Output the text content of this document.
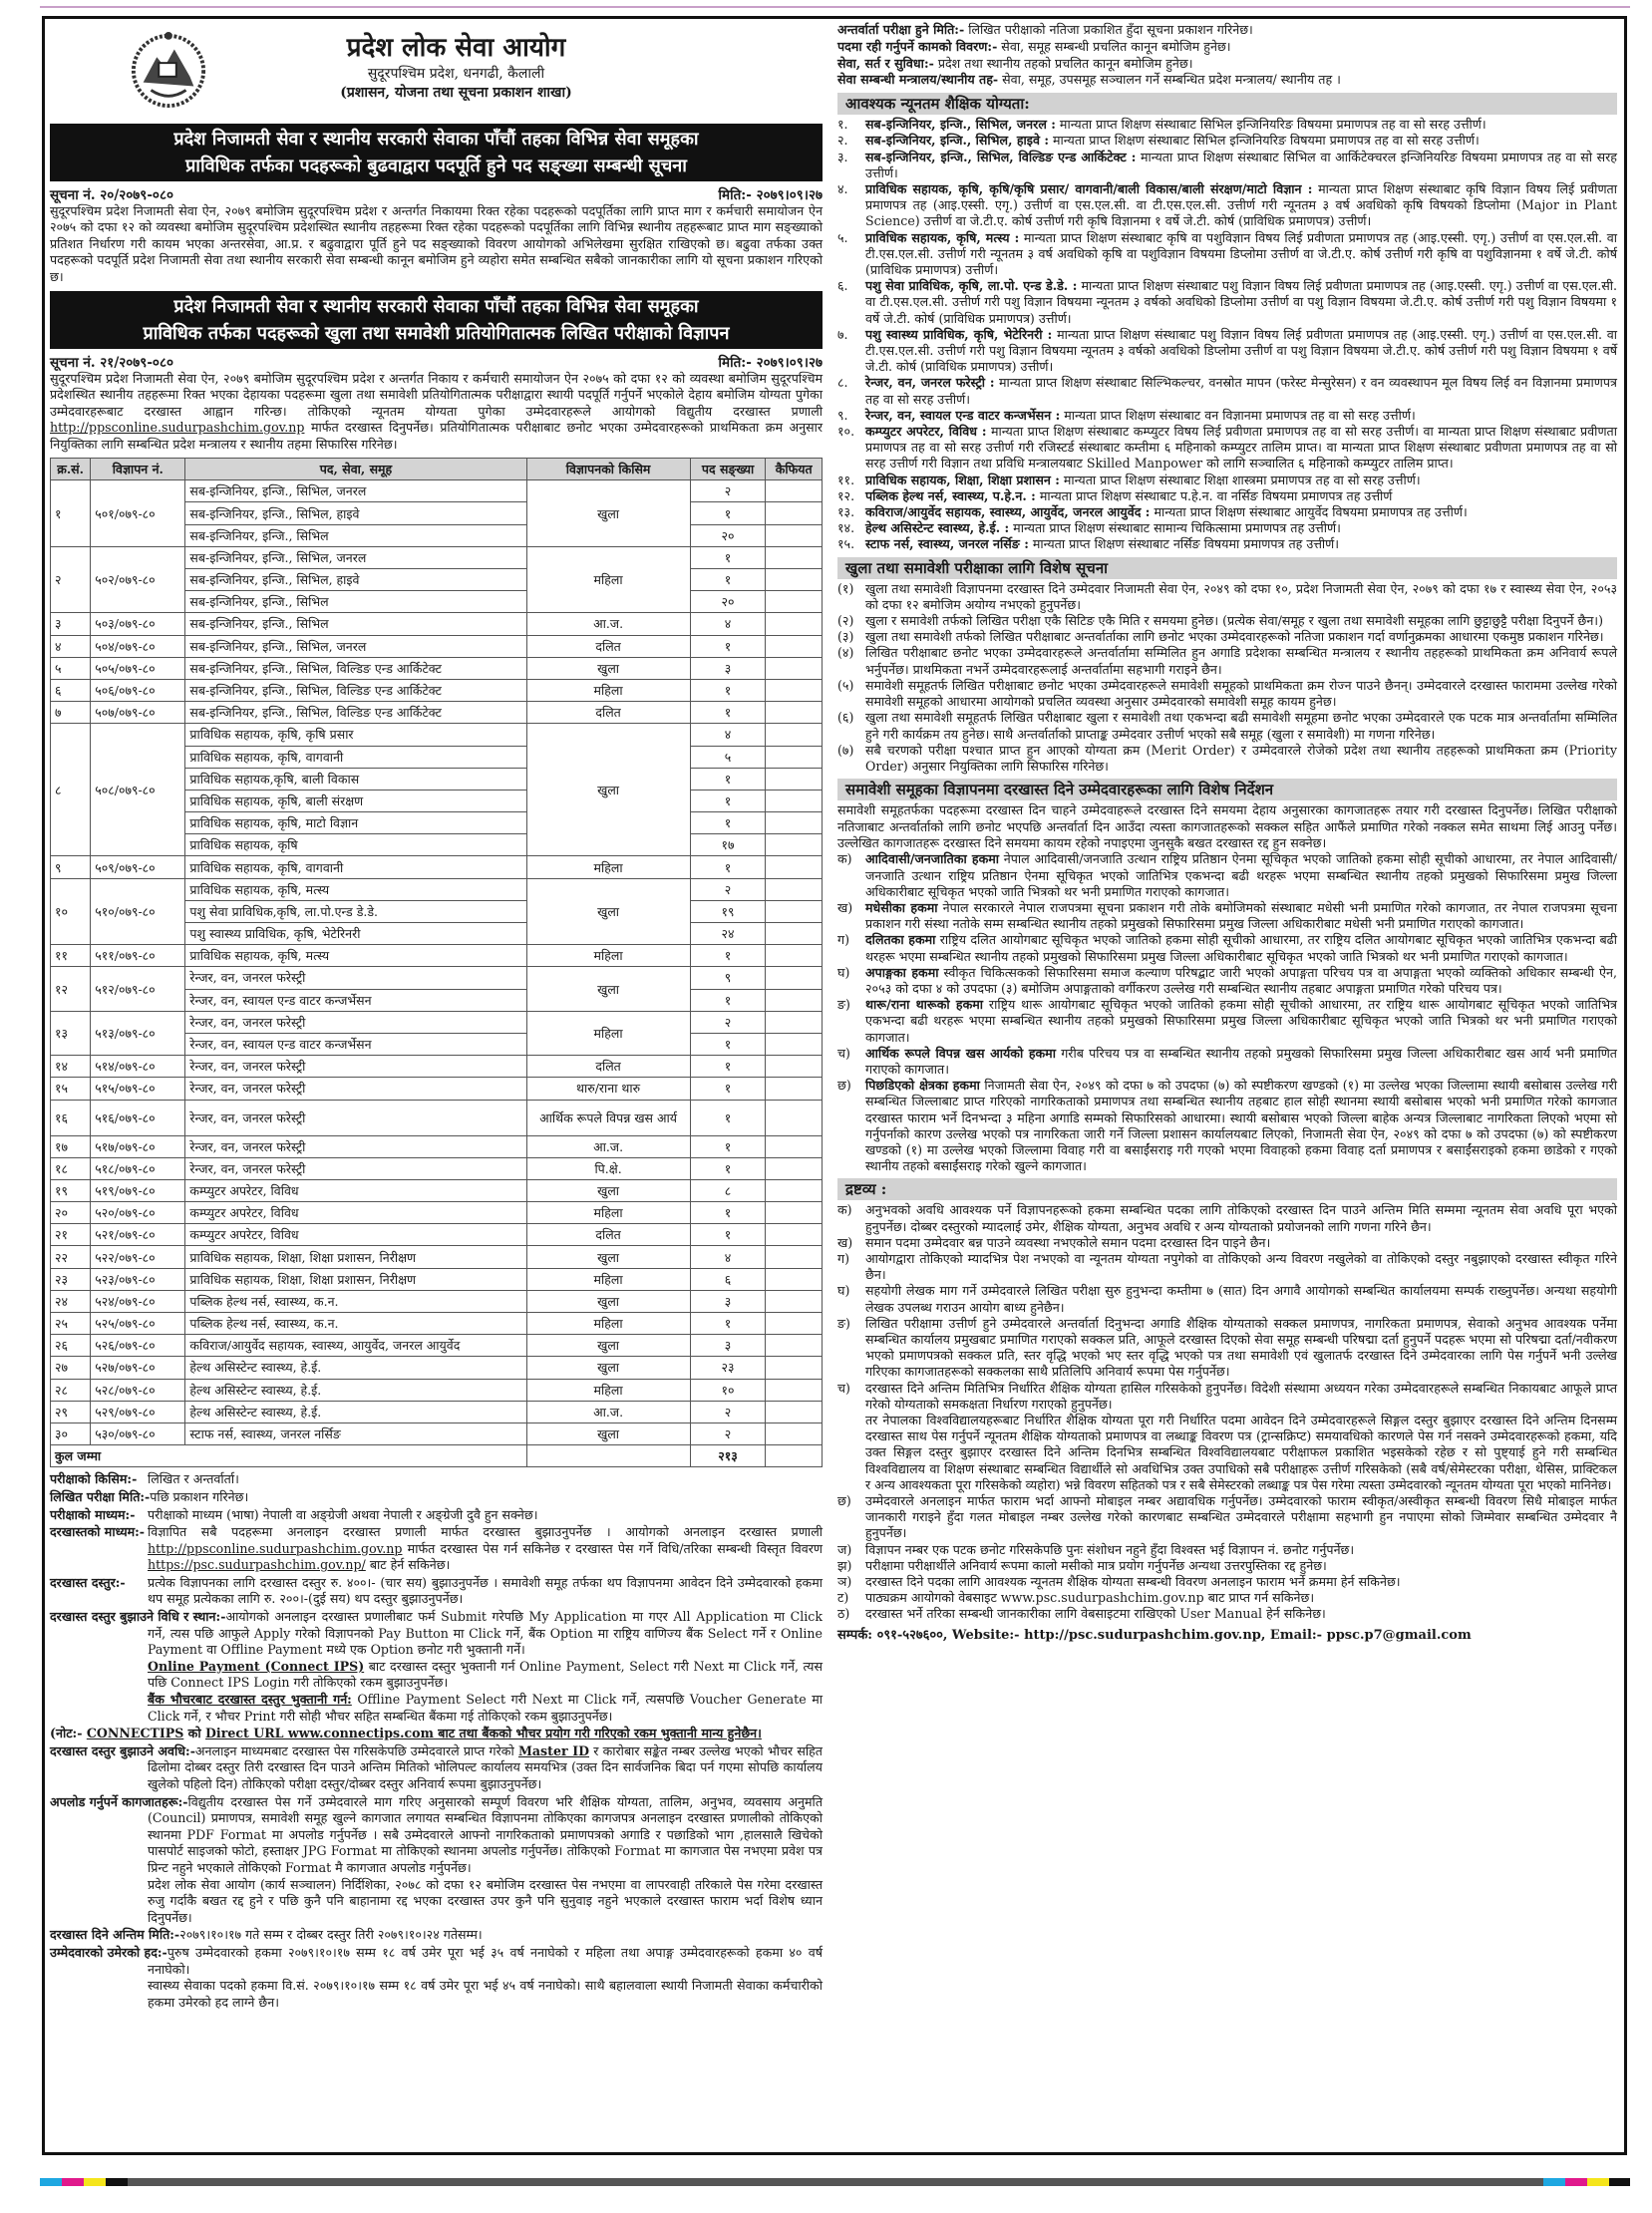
प्रदेश लोक सेवा आयोग
सुदूरपश्चिम प्रदेश, धनगढी, कैलाली
(प्रशासन, योजना तथा सूचना प्रकाशन शाखा)
प्रदेश निजामती सेवा र स्थानीय सरकारी सेवाका पाँचौं तहका विभिन्न सेवा समूहका
प्राविधिक तर्फका पदहरूको बुढवाद्वारा पदपूर्ति हुने पद सङ्ख्या सम्बन्धी सूचना
सूचना नं. २०/२०७९-०८०	मिति:- २०७९।०९।२७
सुदूरपश्चिम प्रदेश निजामती सेवा ऐन, २०७९ बमोजिम सुदूरपश्चिम प्रदेश र अन्तर्गत निकायमा रिक्त रहेका पदहरूको पदपूर्तिका लागि प्राप्त माग र कर्मचारी समायोजन ऐन २०७५ को दफा १२ को व्यवस्था बमोजिम सुदूरपश्चिम प्रदेशस्थित स्थानीय तहहरूमा रिक्त रहेका पदहरूको पदपूर्तिका लागि विभिन्न स्थानीय तहहरूबाट प्राप्त माग सङ्ख्याको प्रतिशत निर्धारण गरी कायम भएका अन्तरसेवा, आ.प्र. र बढुवाद्वारा पूर्ति हुने पद सङ्ख्याको विवरण आयोगको अभिलेखमा सुरक्षित राखिएको छ। बढुवा तर्फका उक्त पदहरूको पदपूर्ति प्रदेश निजामती सेवा तथा स्थानीय सरकारी सेवा सम्बन्धी कानून बमोजिम हुने व्यहोरा समेत सम्बन्धित सबैको जानकारीका लागि यो सूचना प्रकाशन गरिएको छ।
प्रदेश निजामती सेवा र स्थानीय सरकारी सेवाका पाँचौं तहका विभिन्न सेवा समूहका
प्राविधिक तर्फका पदहरूको खुला तथा समावेशी प्रतियोगितात्मक लिखित परीक्षाको विज्ञापन
सूचना नं. २१/२०७९-०८०	मिति:- २०७९।०९।२७
सुदूरपश्चिम प्रदेश निजामती सेवा ऐन, २०७९ बमोजिम सुदूरपश्चिम प्रदेश र अन्तर्गत निकाय र कर्मचारी समायोजन ऐन २०७५ को दफा १२ को व्यवस्था बमोजिम सुदूरपश्चिम प्रदेशस्थित स्थानीय तहहरूमा रिक्त भएका देहायका पदहरूमा खुला तथा समावेशी प्रतियोगितात्मक परीक्षाद्वारा स्थायी पदपूर्ति गर्नुपर्ने भएकोले देहाय बमोजिम योग्यता पुगेका उम्मेदवारहरूबाट दरखास्त आह्वान गरिन्छ। तोकिएको न्यूनतम योग्यता पुगेका उम्मेदवारहरूले आयोगको विद्युतीय दरखास्त प्रणाली http://ppsconline.sudurpashchim.gov.np मार्फत दरखास्त दिनुपर्नेछ। प्रतियोगितात्मक परीक्षाबाट छनोट भएका उम्मेदवारहरूको प्राथमिकता क्रम अनुसार नियुक्तिका लागि सम्बन्धित प्रदेश मन्त्रालय र स्थानीय तहमा सिफारिस गरिनेछ।
क्र.सं.	विज्ञापन नं.	पद, सेवा, समूह	विज्ञापनको किसिम	पद सङ्ख्या	कैफियत
१	५०१/०७९-८०	सब-इन्जिनियर, इन्जि., सिभिल, जनरल	खुला	२	
		सब-इन्जिनियर, इन्जि., सिभिल, हाइवे		१	
		सब-इन्जिनियर, इन्जि., सिभिल		२०	
२	५०२/०७९-८०	सब-इन्जिनियर, इन्जि., सिभिल, जनरल	महिला	१	
		सब-इन्जिनियर, इन्जि., सिभिल, हाइवे		१	
		सब-इन्जिनियर, इन्जि., सिभिल		२०	
३	५०३/०७९-८०	सब-इन्जिनियर, इन्जि., सिभिल	आ.ज.	४	
४	५०४/०७९-८०	सब-इन्जिनियर, इन्जि., सिभिल, जनरल	दलित	१	
५	५०५/०७९-८०	सब-इन्जिनियर, इन्जि., सिभिल, विल्डिङ एन्ड आर्किटेक्ट	खुला	३	
६	५०६/०७९-८०	सब-इन्जिनियर, इन्जि., सिभिल, विल्डिङ एन्ड आर्किटेक्ट	महिला	१	
७	५०७/०७९-८०	सब-इन्जिनियर, इन्जि., सिभिल, विल्डिङ एन्ड आर्किटेक्ट	दलित	१	
८	५०८/०७९-८०	प्राविधिक सहायक, कृषि, कृषि प्रसार	खुला	४	
		प्राविधिक सहायक, कृषि, वागवानी		५	
		प्राविधिक सहायक,कृषि, बाली विकास		१	
		प्राविधिक सहायक, कृषि, बाली संरक्षण		१	
		प्राविधिक सहायक, कृषि, माटो विज्ञान		१	
		प्राविधिक सहायक, कृषि		१७	
९	५०९/०७९-८०	प्राविधिक सहायक, कृषि, वागवानी	महिला	१	
१०	५१०/०७९-८०	प्राविधिक सहायक, कृषि, मत्स्य	खुला	२	
		पशु सेवा प्राविधिक,कृषि, ला.पो.एन्ड डे.डे.		१९	
		पशु स्वास्थ्य प्राविधिक, कृषि, भेटेरिनरी		२४	
११	५११/०७९-८०	प्राविधिक सहायक, कृषि, मत्स्य	महिला	१	
१२	५१२/०७९-८०	रेन्जर, वन, जनरल फरेस्ट्री	खुला	९	
		रेन्जर, वन, स्वायल एन्ड वाटर कन्जर्भेसन		१	
१३	५१३/०७९-८०	रेन्जर, वन, जनरल फरेस्ट्री	महिला	२	
		रेन्जर, वन, स्वायल एन्ड वाटर कन्जर्भेसन		१	
१४	५१४/०७९-८०	रेन्जर, वन, जनरल फरेस्ट्री	दलित	१	
१५	५१५/०७९-८०	रेन्जर, वन, जनरल फरेस्ट्री	थारु/राना थारु	१	
१६	५१६/०७९-८०	रेन्जर, वन, जनरल फरेस्ट्री	आर्थिक रूपले विपन्न खस आर्य	१	
१७	५१७/०७९-८०	रेन्जर, वन, जनरल फरेस्ट्री	आ.ज.	१	
१८	५१८/०७९-८०	रेन्जर, वन, जनरल फरेस्ट्री	पि.क्षे.	१	
१९	५१९/०७९-८०	कम्प्युटर अपरेटर, विविध	खुला	८	
२०	५२०/०७९-८०	कम्प्युटर अपरेटर, विविध	महिला	१	
२१	५२१/०७९-८०	कम्प्युटर अपरेटर, विविध	दलित	१	
२२	५२२/०७९-८०	प्राविधिक सहायक, शिक्षा, शिक्षा प्रशासन, निरीक्षण	खुला	४	
२३	५२३/०७९-८०	प्राविधिक सहायक, शिक्षा, शिक्षा प्रशासन, निरीक्षण	महिला	६	
२४	५२४/०७९-८०	पब्लिक हेल्थ नर्स, स्वास्थ्य, क.न.	खुला	३	
२५	५२५/०७९-८०	पब्लिक हेल्थ नर्स, स्वास्थ्य, क.न.	महिला	१	
२६	५२६/०७९-८०	कविराज/आयुर्वेद सहायक, स्वास्थ्य, आयुर्वेद, जनरल आयुर्वेद	खुला	३	
२७	५२७/०७९-८०	हेल्थ असिस्टेन्ट स्वास्थ्य, हे.ई.	खुला	२३	
२८	५२८/०७९-८०	हेल्थ असिस्टेन्ट स्वास्थ्य, हे.ई.	महिला	१०	
२९	५२९/०७९-८०	हेल्थ असिस्टेन्ट स्वास्थ्य, हे.ई.	आ.ज.	२	
३०	५३०/०७९-८०	स्टाफ नर्स, स्वास्थ्य, जनरल नर्सिङ	खुला	२	
कुल जम्मा				२१३	
परीक्षाको किसिम:- लिखित र अन्तर्वार्ता।
लिखित परीक्षा मिति:-पछि प्रकाशन गरिनेछ।
परीक्षाको माध्यम:- परीक्षाको माध्यम (भाषा) नेपाली वा अङ्ग्रेजी अथवा नेपाली र अङ्ग्रेजी दुवै हुन सक्नेछ।
दरखास्तको माध्यम:- विज्ञापित सबै पदहरूमा अनलाइन दरखास्त प्रणाली मार्फत दरखास्त बुझाउनुपर्नेछ । आयोगको अनलाइन दरखास्त प्रणाली http://ppsconline.sudurpashchim.gov.np मार्फत दरखास्त पेस गर्न सकिनेछ र दरखास्त पेस गर्ने विधि/तरिका सम्बन्धी विस्तृत विवरण https://psc.sudurpashchim.gov.np/ बाट हेर्न सकिनेछ।
दरखास्त दस्तुर:- प्रत्येक विज्ञापनका लागि दरखास्त दस्तुर रु. ४००।- (चार सय) बुझाउनुपर्नेछ । समावेशी समूह तर्फका थप विज्ञापनमा आवेदन दिने उम्मेदवारको हकमा थप समूह प्रत्येकका लागि रु. २००।-(दुई सय) थप दस्तुर बुझाउनुपर्नेछ।
दरखास्त दस्तुर बुझाउने विधि र स्थान:-आयोगको अनलाइन दरखास्त प्रणालीबाट फर्म Submit गरेपछि My Application मा गएर All Application मा Click गर्ने, त्यस पछि आफुले Apply गरेको विज्ञापनको Pay Button मा Click गर्ने, बैंक Option मा राष्ट्रिय वाणिज्य बैंक Select गर्ने र Online Payment वा Offline Payment मध्ये एक Option छनोट गरी भुक्तानी गर्ने।
Online Payment (Connect IPS) बाट दरखास्त दस्तुर भुक्तानी गर्न Online Payment, Select गरी Next मा Click गर्ने, त्यस पछि Connect IPS Login गरी तोकिएको रकम बुझाउनुपर्नेछ।
बैंक भौचरबाट दरखास्त दस्तुर भुक्तानी गर्न: Offline Payment Select गरी Next मा Click गर्ने, त्यसपछि Voucher Generate मा Click गर्ने, र भौचर Print गरी सोही भौचर सहित सम्बन्धित बैंकमा गई तोकिएको रकम बुझाउनुपर्नेछ।
(नोट:- CONNECTIPS को Direct URL www.connectips.com बाट तथा बैंकको भौचर प्रयोग गरी गरिएको रकम भुक्तानी मान्य हुनेछैन।
दरखास्त दस्तुर बुझाउने अवधि:-अनलाइन माध्यमबाट दरखास्त पेस गरिसकेपछि उम्मेदवारले प्राप्त गरेको Master ID र कारोबार सङ्केत नम्बर उल्लेख भएको भौचर सहित ढिलोमा दोब्बर दस्तुर तिरी दरखास्त दिन पाउने अन्तिम मितिको भोलिपल्ट कार्यालय समयभित्र (उक्त दिन सार्वजनिक बिदा पर्न गएमा सोपछि कार्यालय खुलेको पहिलो दिन) तोकिएको परीक्षा दस्तुर/दोब्बर दस्तुर अनिवार्य रूपमा बुझाउनुपर्नेछ।
अपलोड गर्नुपर्ने कागजातहरू:-विद्युतीय दरखास्त पेस गर्ने उम्मेदवारले माग गरिए अनुसारको सम्पूर्ण विवरण भरि शैक्षिक योग्यता, तालिम, अनुभव, व्यवसाय अनुमति (Council) प्रमाणपत्र, समावेशी समूह खुल्ने कागजात लगायत सम्बन्धित विज्ञापनमा तोकिएका कागजपत्र अनलाइन दरखास्त प्रणालीको तोकिएको स्थानमा PDF Format मा अपलोड गर्नुपर्नेछ । सबै उम्मेदवारले आफ्नो नागरिकताको प्रमाणपत्रको अगाडि र पछाडिको भाग ,हालसालै खिचेको पासपोर्ट साइजको फोटो, हस्ताक्षर JPG Format मा तोकिएको स्थानमा अपलोड गर्नुपर्नेछ। तोकिएको Format मा कागजात पेस नभएमा प्रवेश पत्र प्रिन्ट नहुने भएकाले तोकिएको Format मै कागजात अपलोड गर्नुपर्नेछ।
प्रदेश लोक सेवा आयोग (कार्य सञ्चालन) निर्दिशिका, २०७८ को दफा १२ बमोजिम दरखास्त पेस नभएमा वा लापरवाही तरिकाले पेस गरेमा दरखास्त रुजु गर्दाकै बखत रद्द हुने र पछि कुनै पनि बाहानामा रद्द भएका दरखास्त उपर कुनै पनि सुनुवाइ नहुने भएकाले दरखास्त फाराम भर्दा विशेष ध्यान दिनुपर्नेछ।
दरखास्त दिने अन्तिम मिति:-२०७९।१०।१७ गते सम्म र दोब्बर दस्तुर तिरी २०७९।१०।२४ गतेसम्म।
उम्मेदवारको उमेरको हद:-पुरुष उम्मेदवारको हकमा २०७९।१०।१७ सम्म १८ वर्ष उमेर पूरा भई ३५ वर्ष ननाघेको र महिला तथा अपाङ्ग उम्मेदवारहरूको हकमा ४० वर्ष ननाघेको।
स्वास्थ्य सेवाका पदको हकमा वि.सं. २०७९।१०।१७ सम्म १८ वर्ष उमेर पूरा भई ४५ वर्ष ननाघेको। साथै बहालवाला स्थायी निजामती सेवाका कर्मचारीको हकमा उमेरको हद लाग्ने छैन।
अन्तर्वार्ता परीक्षा हुने मिति:- लिखित परीक्षाको नतिजा प्रकाशित हुँदा सूचना प्रकाशन गरिनेछ।
पदमा रही गर्नुपर्ने कामको विवरण:- सेवा, समूह सम्बन्धी प्रचलित कानून बमोजिम हुनेछ।
सेवा, सर्त र सुविधा:- प्रदेश तथा स्थानीय तहको प्रचलित कानून बमोजिम हुनेछ।
सेवा सम्बन्धी मन्त्रालय/स्थानीय तह- सेवा, समूह, उपसमूह सञ्चालन गर्ने सम्बन्धित प्रदेश मन्त्रालय/ स्थानीय तह ।
आवश्यक न्यूनतम शैक्षिक योग्यता:
१.	सब-इन्जिनियर, इन्जि., सिभिल, जनरल : मान्यता प्राप्त शिक्षण संस्थाबाट सिभिल इन्जिनियरिङ विषयमा प्रमाणपत्र तह वा सो सरह उत्तीर्ण।
२.	सब-इन्जिनियर, इन्जि., सिभिल, हाइवे : मान्यता प्राप्त शिक्षण संस्थाबाट सिभिल इन्जिनियरिङ विषयमा प्रमाणपत्र तह वा सो सरह उत्तीर्ण।
३.	सब-इन्जिनियर, इन्जि., सिभिल, विल्डिङ एन्ड आर्किटेक्ट : मान्यता प्राप्त शिक्षण संस्थाबाट सिभिल वा आर्किटेक्चरल इन्जिनियरिङ विषयमा प्रमाणपत्र तह वा सो सरह उत्तीर्ण।
४.	प्राविधिक सहायक, कृषि, कृषि/कृषि प्रसार/ वागवानी/बाली विकास/बाली संरक्षण/माटो विज्ञान : मान्यता प्राप्त शिक्षण संस्थाबाट कृषि विज्ञान विषय लिई प्रवीणता प्रमाणपत्र तह (आइ.एस्सी. एगृ.) उत्तीर्ण वा एस.एल.सी. वा टी.एस.एल.सी. उत्तीर्ण गरी न्यूनतम ३ वर्ष अवधिको कृषि विषयको डिप्लोमा (Major in Plant Science) उत्तीर्ण वा जे.टी.ए. कोर्ष उत्तीर्ण गरी कृषि विज्ञानमा १ वर्षे जे.टी. कोर्ष (प्राविधिक प्रमाणपत्र) उत्तीर्ण।
५.	प्राविधिक सहायक, कृषि, मत्स्य : मान्यता प्राप्त शिक्षण संस्थाबाट कृषि वा पशुविज्ञान विषय लिई प्रवीणता प्रमाणपत्र तह (आइ.एस्सी. एगृ.) उत्तीर्ण वा एस.एल.सी. वा टी.एस.एल.सी. उत्तीर्ण गरी न्यूनतम ३ वर्ष अवधिको कृषि वा पशुविज्ञान विषयमा डिप्लोमा उत्तीर्ण वा जे.टी.ए. कोर्ष उत्तीर्ण गरी कृषि वा पशुविज्ञानमा १ वर्षे जे.टी. कोर्ष (प्राविधिक प्रमाणपत्र) उत्तीर्ण।
६.	पशु सेवा प्राविधिक, कृषि, ला.पो. एन्ड डे.डे. : मान्यता प्राप्त शिक्षण संस्थाबाट पशु विज्ञान विषय लिई प्रवीणता प्रमाणपत्र तह (आइ.एस्सी. एगृ.) उत्तीर्ण वा एस.एल.सी. वा टी.एस.एल.सी. उत्तीर्ण गरी पशु विज्ञान विषयमा न्यूनतम ३ वर्षको अवधिको डिप्लोमा उत्तीर्ण वा पशु विज्ञान विषयमा जे.टी.ए. कोर्ष उत्तीर्ण गरी पशु विज्ञान विषयमा १ वर्षे जे.टी. कोर्ष (प्राविधिक प्रमाणपत्र) उत्तीर्ण।
७.	पशु स्वास्थ्य प्राविधिक, कृषि, भेटेरिनरी : मान्यता प्राप्त शिक्षण संस्थाबाट पशु विज्ञान विषय लिई प्रवीणता प्रमाणपत्र तह (आइ.एस्सी. एगृ.) उत्तीर्ण वा एस.एल.सी. वा टी.एस.एल.सी. उत्तीर्ण गरी पशु विज्ञान विषयमा न्यूनतम ३ वर्षको अवधिको डिप्लोमा उत्तीर्ण वा पशु विज्ञान विषयमा जे.टी.ए. कोर्ष उत्तीर्ण गरी पशु विज्ञान विषयमा १ वर्षे जे.टी. कोर्ष (प्राविधिक प्रमाणपत्र) उत्तीर्ण।
८.	रेन्जर, वन, जनरल फरेस्ट्री : मान्यता प्राप्त शिक्षण संस्थाबाट सिल्भिकल्चर, वनस्रोत मापन (फरेस्ट मेन्सुरेसन) र वन व्यवस्थापन मूल विषय लिई वन विज्ञानमा प्रमाणपत्र तह वा सो सरह उत्तीर्ण।
९.	रेन्जर, वन, स्वायल एन्ड वाटर कन्जर्भेसन : मान्यता प्राप्त शिक्षण संस्थाबाट वन विज्ञानमा प्रमाणपत्र तह वा सो सरह उत्तीर्ण।
१०. कम्प्युटर अपरेटर, विविध : मान्यता प्राप्त शिक्षण संस्थाबाट कम्प्युटर विषय लिई प्रवीणता प्रमाणपत्र तह वा सो सरह उत्तीर्ण। वा मान्यता प्राप्त शिक्षण संस्थाबाट प्रवीणता प्रमाणपत्र तह वा सो सरह उत्तीर्ण गरी रजिस्टर्ड संस्थाबाट कम्तीमा ६ महिनाको कम्प्युटर तालिम प्राप्त। वा मान्यता प्राप्त शिक्षण संस्थाबाट प्रवीणता प्रमाणपत्र तह वा सो सरह उत्तीर्ण गरी विज्ञान तथा प्रविधि मन्त्रालयबाट Skilled Manpower को लागि सञ्चालित ६ महिनाको कम्प्युटर तालिम प्राप्त।
११. प्राविधिक सहायक, शिक्षा, शिक्षा प्रशासन : मान्यता प्राप्त शिक्षण संस्थाबाट शिक्षा शास्त्रमा प्रमाणपत्र तह वा सो सरह उत्तीर्ण।
१२. पब्लिक हेल्थ नर्स, स्वास्थ्य, प.हे.न. : मान्यता प्राप्त शिक्षण संस्थाबाट प.हे.न. वा नर्सिङ विषयमा प्रमाणपत्र तह उत्तीर्ण
१३. कविराज/आयुर्वेद सहायक, स्वास्थ्य, आयुर्वेद, जनरल आयुर्वेद : मान्यता प्राप्त शिक्षण संस्थाबाट आयुर्वेद विषयमा प्रमाणपत्र तह उत्तीर्ण।
१४. हेल्थ असिस्टेन्ट स्वास्थ्य, हे.ई. : मान्यता प्राप्त शिक्षण संस्थाबाट सामान्य चिकित्सामा प्रमाणपत्र तह उत्तीर्ण।
१५. स्टाफ नर्स, स्वास्थ्य, जनरल नर्सिङ : मान्यता प्राप्त शिक्षण संस्थाबाट नर्सिङ विषयमा प्रमाणपत्र तह उत्तीर्ण।
खुला तथा समावेशी परीक्षाका लागि विशेष सूचना
(१) खुला तथा समावेशी विज्ञापनमा दरखास्त दिने उम्मेदवार निजामती सेवा ऐन, २०४९ को दफा १०, प्रदेश निजामती सेवा ऐन, २०७९ को दफा १७ र स्वास्थ्य सेवा ऐन, २०५३ को दफा १२ बमोजिम अयोग्य नभएको हुनुपर्नेछ।
(२) खुला र समावेशी तर्फको लिखित परीक्षा एकै सिटिङ एकै मिति र समयमा हुनेछ। (प्रत्येक सेवा/समूह र खुला तथा समावेशी समूहका लागि छुट्टाछुट्टै परीक्षा दिनुपर्ने छैन।)
(३) खुला तथा समावेशी तर्फको लिखित परीक्षाबाट अन्तर्वार्ताका लागि छनोट भएका उम्मेदवारहरूको नतिजा प्रकाशन गर्दा वर्णानुक्रमका आधारमा एकमुष्ठ प्रकाशन गरिनेछ।
(४) लिखित परीक्षाबाट छनोट भएका उम्मेदवारहरूले अन्तर्वार्तामा सम्मिलित हुन अगाडि प्रदेशका सम्बन्धित मन्त्रालय र स्थानीय तहहरूको प्राथमिकता क्रम अनिवार्य रूपले भर्नुपर्नेछ। प्राथमिकता नभर्ने उम्मेदवारहरूलाई अन्तर्वार्तामा सहभागी गराइने छैन।
(५) समावेशी समूहतर्फ लिखित परीक्षाबाट छनोट भएका उम्मेदवारहरूले समावेशी समूहको प्राथमिकता क्रम रोज्न पाउने छैनन्। उम्मेदवारले दरखास्त फाराममा उल्लेख गरेको समावेशी समूहको आधारमा आयोगको प्रचलित व्यवस्था अनुसार उम्मेदवारको समावेशी समूह कायम हुनेछ।
(६) खुला तथा समावेशी समूहतर्फ लिखित परीक्षाबाट खुला र समावेशी तथा एकभन्दा बढी समावेशी समूहमा छनोट भएका उम्मेदवारले एक पटक मात्र अन्तर्वार्तामा सम्मिलित हुने गरी कार्यक्रम तय हुनेछ। साथै अन्तर्वार्ताको प्राप्ताङ्क उम्मेदवार उत्तीर्ण भएको सबै समूह (खुला र समावेशी) मा गणना गरिनेछ।
(७) सबै चरणको परीक्षा पश्चात प्राप्त हुन आएको योग्यता क्रम (Merit Order) र उम्मेदवारले रोजेको प्रदेश तथा स्थानीय तहहरूको प्राथमिकता क्रम (Priority Order) अनुसार नियुक्तिका लागि सिफारिस गरिनेछ।
समावेशी समूहका विज्ञापनमा दरखास्त दिने उम्मेदवारहरूका लागि विशेष निर्देशन
समावेशी समूहतर्फका पदहरूमा दरखास्त दिन चाहने उम्मेदवाहरूले दरखास्त दिने समयमा देहाय अनुसारका कागजातहरू तयार गरी दरखास्त दिनुपर्नेछ। लिखित परीक्षाको नतिजाबाट अन्तर्वार्ताको लागि छनोट भएपछि अन्तर्वार्ता दिन आउँदा त्यस्ता कागजातहरूको सक्कल सहित आफैंले प्रमाणित गरेको नक्कल समेत साथमा लिई आउनु पर्नेछ। उल्लेखित कागजातहरू दरखास्त दिने समयमा कायम रहेको नपाइएमा जुनसुकै बखत दरखास्त रद्द हुन सक्नेछ।
क)	आदिवासी/जनजातिका हकमा नेपाल आदिवासी/जनजाति उत्थान राष्ट्रिय प्रतिष्ठान ऐनमा सूचिकृत भएको जातिको हकमा सोही सूचीको आधारमा, तर नेपाल आदिवासी/जनजाति उत्थान राष्ट्रिय प्रतिष्ठान ऐनमा सूचिकृत भएको जातिभित्र एकभन्दा बढी थरहरू भएमा सम्बन्धित स्थानीय तहको प्रमुखको सिफारिसमा प्रमुख जिल्ला अधिकारीबाट सूचिकृत भएको जाति भित्रको थर भनी प्रमाणित गराएको कागजात।
ख)	मधेसीका हकमा नेपाल सरकारले नेपाल राजपत्रमा सूचना प्रकाशन गरी तोके बमोजिमको संस्थाबाट मधेसी भनी प्रमाणित गरेको कागजात, तर नेपाल राजपत्रमा सूचना प्रकाशन गरी संस्था नतोके सम्म सम्बन्धित स्थानीय तहको प्रमुखको सिफारिसमा प्रमुख जिल्ला अधिकारीबाट मधेसी भनी प्रमाणित गराएको कागजात।
ग)	दलितका हकमा राष्ट्रिय दलित आयोगबाट सूचिकृत भएको जातिको हकमा सोही सूचीको आधारमा, तर राष्ट्रिय दलित आयोगबाट सूचिकृत भएको जातिभित्र एकभन्दा बढी थरहरू भएमा सम्बन्धित स्थानीय तहको प्रमुखको सिफारिसमा प्रमुख जिल्ला अधिकारीबाट सूचिकृत भएको जाति भित्रको थर भनी प्रमाणित गराएको कागजात।
घ)	अपाङ्गका हकमा स्वीकृत चिकित्सकको सिफारिसमा समाज कल्याण परिषद्बाट जारी भएको अपाङ्गता परिचय पत्र वा अपाङ्गता भएको व्यक्तिको अधिकार सम्बन्धी ऐन, २०५३ को दफा ४ को उपदफा (३) बमोजिम अपाङ्गताको वर्गीकरण उल्लेख गरी सम्बन्धित स्थानीय तहबाट अपाङ्गता प्रमाणित गरेको परिचय पत्र।
ङ)	थारू/राना थारूको हकमा राष्ट्रिय थारू आयोगबाट सूचिकृत भएको जातिको हकमा सोही सूचीको आधारमा, तर राष्ट्रिय थारू आयोगबाट सूचिकृत भएको जातिभित्र एकभन्दा बढी थरहरू भएमा सम्बन्धित स्थानीय तहको प्रमुखको सिफारिसमा प्रमुख जिल्ला अधिकारीबाट सूचिकृत भएको जाति भित्रको थर भनी प्रमाणित गराएको कागजात।
च)	आर्थिक रूपले विपन्न खस आर्यको हकमा गरीब परिचय पत्र वा सम्बन्धित स्थानीय तहको प्रमुखको सिफारिसमा प्रमुख जिल्ला अधिकारीबाट खस आर्य भनी प्रमाणित गराएको कागजात।
छ)	पिछडिएको क्षेत्रका हकमा निजामती सेवा ऐन, २०४९ को दफा ७ को उपदफा (७) को स्पष्टीकरण खण्डको (१) मा उल्लेख भएका जिल्लामा स्थायी बसोबास उल्लेख गरी सम्बन्धित जिल्लाबाट प्राप्त गरिएको नागरिकताको प्रमाणपत्र तथा सम्बन्धित स्थानीय तहबाट हाल सोही स्थानमा स्थायी बसोबास भएको भनी प्रमाणित गरेको कागजात दरखास्त फाराम भर्ने दिनभन्दा ३ महिना अगाडि सम्मको सिफारिसको आधारमा। स्थायी बसोबास भएको जिल्ला बाहेक अन्यत्र जिल्लाबाट नागरिकता लिएको भएमा सो गर्नुपर्नाको कारण उल्लेख भएको पत्र नागरिकता जारी गर्ने जिल्ला प्रशासन कार्यालयबाट लिएको, निजामती सेवा ऐन, २०४९ को दफा ७ को उपदफा (७) को स्पष्टीकरण खण्डको (१) मा उल्लेख भएको जिल्लामा विवाह गरी वा बसाईंसराइ गरी गएको भएमा विवाहको हकमा विवाह दर्ता प्रमाणपत्र र बसाईंसराइको हकमा छाडेको र गएको स्थानीय तहको बसाईंसराइ गरेको खुल्ने कागजात।
द्रष्टव्य :
क)	अनुभवको अवधि आवश्यक पर्ने विज्ञापनहरूको हकमा सम्बन्धित पदका लागि तोकिएको दरखास्त दिन पाउने अन्तिम मिति सम्ममा न्यूनतम सेवा अवधि पूरा भएको हुनुपर्नेछ। दोब्बर दस्तुरको म्यादलाई उमेर, शैक्षिक योग्यता, अनुभव अवधि र अन्य योग्यताको प्रयोजनको लागि गणना गरिने छैन।

ख)	समान पदमा उम्मेदवार बन्न पाउने व्यवस्था नभएकोले समान पदमा दरखास्त दिन पाइने छैन।

ग)	आयोगद्वारा तोकिएको म्यादभित्र पेश नभएको वा न्यूनतम योग्यता नपुगेको वा तोकिएको अन्य विवरण नखुलेको वा तोकिएको दस्तुर नबुझाएको दरखास्त स्वीकृत गरिने छैन।

घ)	सहयोगी लेखक माग गर्ने उम्मेदवारले लिखित परीक्षा सुरु हुनुभन्दा कम्तीमा ७ (सात) दिन अगावै आयोगको सम्बन्धित कार्यालयमा सम्पर्क राख्नुपर्नेछ। अन्यथा सहयोगी लेखक उपलब्ध गराउन आयोग बाध्य हुनेछैन।

ङ)	लिखित परीक्षामा उत्तीर्ण हुने उम्मेदवारले अन्तर्वार्ता दिनुभन्दा अगाडि शैक्षिक योग्यताको सक्कल प्रमाणपत्र, नागरिकता प्रमाणपत्र, सेवाको अनुभव आवश्यक पर्नेमा सम्बन्धित कार्यालय प्रमुखबाट प्रमाणित गराएको सक्कल प्रति, आफूले दरखास्त दिएको सेवा समूह सम्बन्धी परिषद्मा दर्ता हुनुपर्ने पदहरू भएमा सो परिषद्मा दर्ता/नवीकरण भएको प्रमाणपत्रको सक्कल प्रति, स्तर वृद्धि भएको भए स्तर वृद्धि भएको पत्र तथा समावेशी एवं खुलातर्फ दरखास्त दिने उम्मेदवारका लागि पेस गर्नुपर्ने भनी उल्लेख गरिएका कागजातहरूको सक्कलका साथै प्रतिलिपि अनिवार्य रूपमा पेस गर्नुपर्नेछ।

च)	दरखास्त दिने अन्तिम मितिभित्र निर्धारित शैक्षिक योग्यता हासिल गरिसकेको हुनुपर्नेछ। विदेशी संस्थामा अध्ययन गरेका उम्मेदवारहरूले सम्बन्धित निकायबाट आफूले प्राप्त गरेको योग्यताको समकक्षता निर्धारण गराएको हुनुपर्नेछ।

तर नेपालका विश्वविद्यालयहरूबाट निर्धारित शैक्षिक योग्यता पूरा गरी निर्धारित पदमा आवेदन दिने उम्मेदवारहरूले सिङ्गल दस्तुर बुझाएर दरखास्त दिने अन्तिम दिनसम्म दरखास्त साथ पेस गर्नुपर्ने न्यूनतम शैक्षिक योग्यताको प्रमाणपत्र वा लब्धाङ्क विवरण पत्र (ट्रान्सक्रिप्ट) समयावधिको कारणले पेस गर्न नसक्ने उम्मेदवारहरूको हकमा, यदि उक्त सिङ्गल दस्तुर बुझाएर दरखास्त दिने अन्तिम दिनभित्र सम्बन्धित विश्वविद्यालयबाट परीक्षाफल प्रकाशित भइसकेको रहेछ र सो पुष्ट्याई हुने गरी सम्बन्धित विश्वविद्यालय वा शिक्षण संस्थाबाट सम्बन्धित विद्यार्थीले सो अवधिभित्र उक्त उपाधिको सबै परीक्षाहरू उत्तीर्ण गरिसकेको (सबै वर्ष/सेमेस्टरका परीक्षा, थेसिस, प्राक्टिकल र अन्य आवश्यकता पूरा गरिसकेको व्यहोरा) भन्ने विवरण सहितको पत्र र सबै सेमेस्टरको लब्धाङ्क पत्र पेस गरेमा त्यस्ता उम्मेदवारको न्यूनतम योग्यता पूरा भएको मानिनेछ।

छ)	उम्मेदवारले अनलाइन मार्फत फाराम भर्दा आफ्नो मोबाइल नम्बर अद्यावधिक गर्नुपर्नेछ। उम्मेदवारको फाराम स्वीकृत/अस्वीकृत सम्बन्धी विवरण सिधै मोबाइल मार्फत जानकारी गराइने हुँदा गलत मोबाइल नम्बर उल्लेख गरेको कारणबाट सम्बन्धित उम्मेदवारले परीक्षामा सहभागी हुन नपाएमा सोको जिम्मेवार सम्बन्धित उम्मेदवार नै हुनुपर्नेछ।

ज)	विज्ञापन नम्बर एक पटक छनोट गरिसकेपछि पुनः संशोधन नहुने हुँदा विश्वस्त भई विज्ञापन नं. छनोट गर्नुपर्नेछ।

झ)	परीक्षामा परीक्षार्थीले अनिवार्य रूपमा कालो मसीको मात्र प्रयोग गर्नुपर्नेछ अन्यथा उत्तरपुस्तिका रद्द हुनेछ।

ञ)	दरखास्त दिने पदका लागि आवश्यक न्यूनतम शैक्षिक योग्यता सम्बन्धी विवरण अनलाइन फाराम भर्ने क्रममा हेर्न सकिनेछ।

ट)	पाठ्यक्रम आयोगको वेबसाइट www.psc.sudurpashchim.gov.np बाट प्राप्त गर्न सकिनेछ।

ठ)	दरखास्त भर्ने तरिका सम्बन्धी जानकारीका लागि वेबसाइटमा राखिएको User Manual हेर्न सकिनेछ।

सम्पर्क: ०९१-५२७६००, Website:- http://psc.sudurpashchim.gov.np, Email:- ppsc.p7@gmail.com
